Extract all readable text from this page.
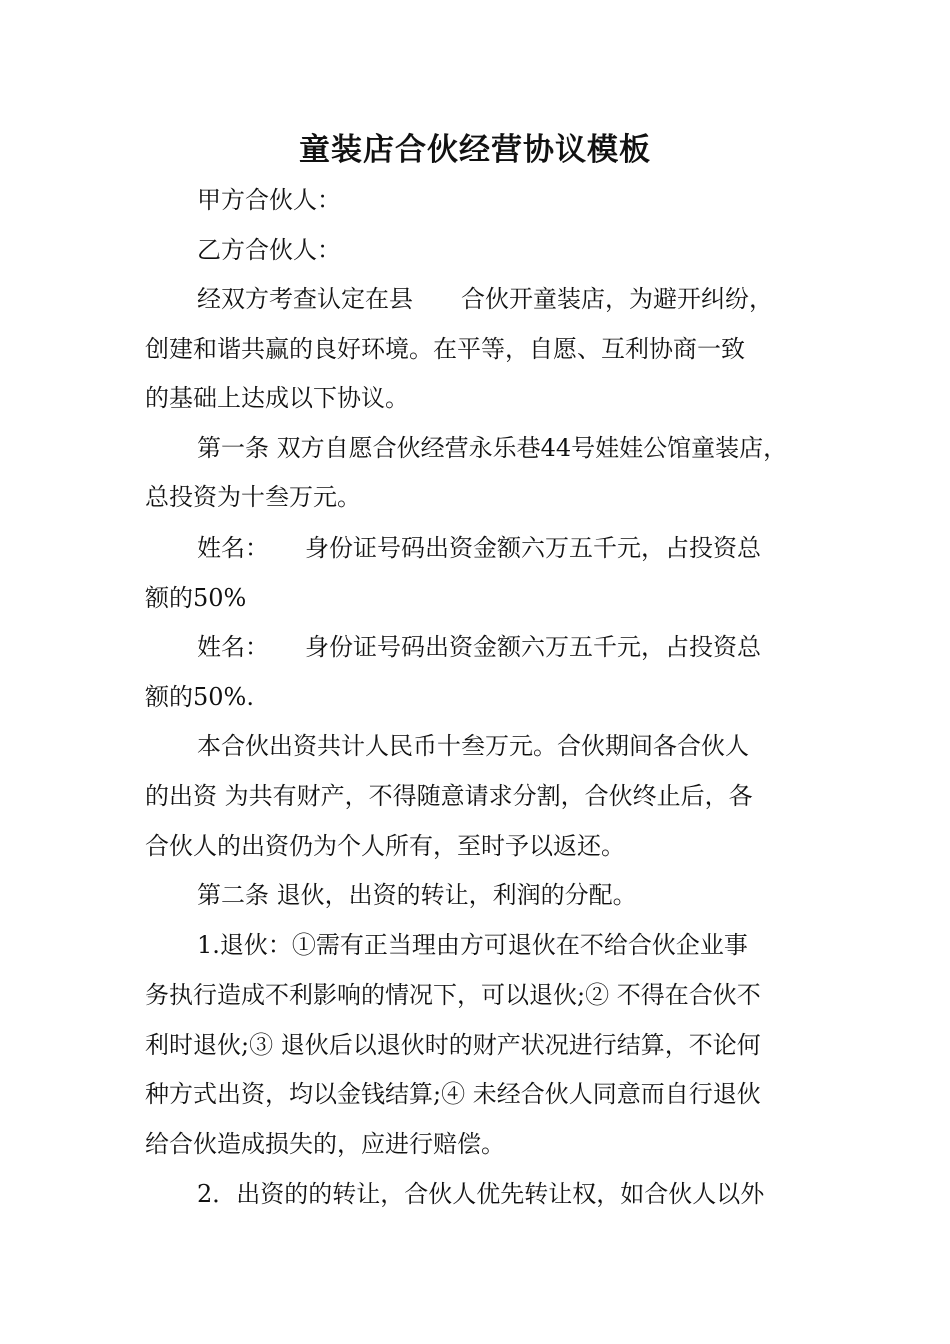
童装店合伙经营协议模板
甲方合伙人：
乙方合伙人：
经双方考查认定在县　　合伙开童装店，为避开纠纷，
创建和谐共赢的良好环境。在平等，自愿、互利协商一致
的基础上达成以下协议。
第一条 双方自愿合伙经营永乐巷44号娃娃公馆童装店，
总投资为十叁万元。
姓名：　　身份证号码出资金额六万五千元，占投资总
额的50%
姓名：　　身份证号码出资金额六万五千元，占投资总
额的50%.
本合伙出资共计人民币十叁万元。合伙期间各合伙人
的出资 为共有财产，不得随意请求分割，合伙终止后，各
合伙人的出资仍为个人所有，至时予以返还。
第二条 退伙，出资的转让，利润的分配。
1.退伙：①需有正当理由方可退伙在不给合伙企业事
务执行造成不利影响的情况下，可以退伙;② 不得在合伙不
利时退伙;③ 退伙后以退伙时的财产状况进行结算，不论何
种方式出资，均以金钱结算;④ 未经合伙人同意而自行退伙
给合伙造成损失的，应进行赔偿。
2．出资的的转让，合伙人优先转让权，如合伙人以外
